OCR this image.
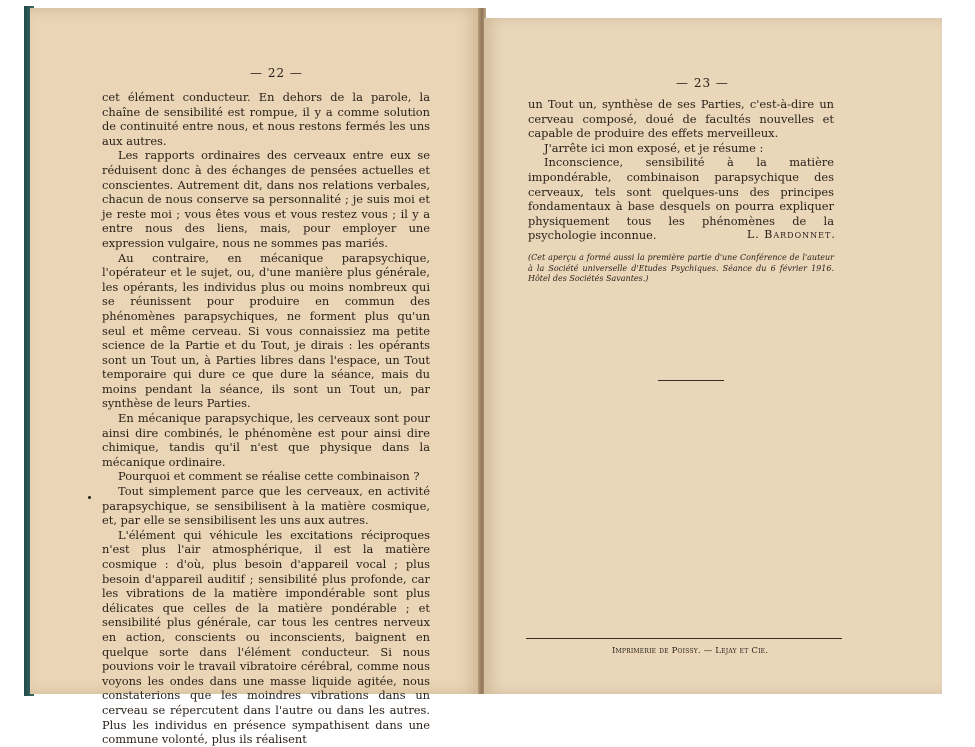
— 22 —

cet élément conducteur. En dehors de la parole, la chaîne de sensibilité est rompue, il y a comme solution de continuité entre nous, et nous restons fermés les uns aux autres.

Les rapports ordinaires des cerveaux entre eux se réduisent donc à des échanges de pensées actuelles et conscientes. Autrement dit, dans nos relations verbales, chacun de nous conserve sa personnalité ; je suis moi et je reste moi ; vous êtes vous et vous restez vous ; il y a entre nous des liens, mais, pour employer une expression vulgaire, nous ne sommes pas mariés.

Au contraire, en mécanique parapsychique, l'opérateur et le sujet, ou, d'une manière plus générale, les opérants, les individus plus ou moins nombreux qui se réunissent pour produire en commun des phénomènes parapsychiques, ne forment plus qu'un seul et même cerveau. Si vous connaissiez ma petite science de la Partie et du Tout, je dirais : les opérants sont un Tout un, à Parties libres dans l'espace, un Tout temporaire qui dure ce que dure la séance, mais du moins pendant la séance, ils sont un Tout un, par synthèse de leurs Parties.

En mécanique parapsychique, les cerveaux sont pour ainsi dire combinés, le phénomène est pour ainsi dire chimique, tandis qu'il n'est que physique dans la mécanique ordinaire.

Pourquoi et comment se réalise cette combinaison ?

Tout simplement parce que les cerveaux, en activité parapsychique, se sensibilisent à la matière cosmique, et, par elle se sensibilisent les uns aux autres.

L'élément qui véhicule les excitations réciproques n'est plus l'air atmosphérique, il est la matière cosmique : d'où, plus besoin d'appareil vocal ; plus besoin d'appareil auditif ; sensibilité plus profonde, car les vibrations de la matière impondérable sont plus délicates que celles de la matière pondérable ; et sensibilité plus générale, car tous les centres nerveux en action, conscients ou inconscients, baignent en quelque sorte dans l'élément conducteur. Si nous pouvions voir le travail vibratoire cérébral, comme nous voyons les ondes dans une masse liquide agitée, nous constaterions que les moindres vibrations dans un cerveau se répercutent dans l'autre ou dans les autres. Plus les individus en présence sympathisent dans une commune volonté, plus ils réalisent

— 23 —

un Tout un, synthèse de ses Parties, c'est-à-dire un cerveau composé, doué de facultés nouvelles et capable de produire des effets merveilleux.

J'arrête ici mon exposé, et je résume :

Inconscience, sensibilité à la matière impondérable, combinaison parapsychique des cerveaux, tels sont quelques-uns des principes fondamentaux à base desquels on pourra expliquer physiquement tous les phénomènes de la psychologie inconnue.	L. Bardonnet.
(Cet aperçu a formé aussi la première partie d'une Conférence de l'auteur à la Société universelle d'Etudes Psychiques. Séance du 6 février 1916. Hôtel des Sociétés Savantes.)
Imprimerie de Poissy. — Lejay et Cie.
